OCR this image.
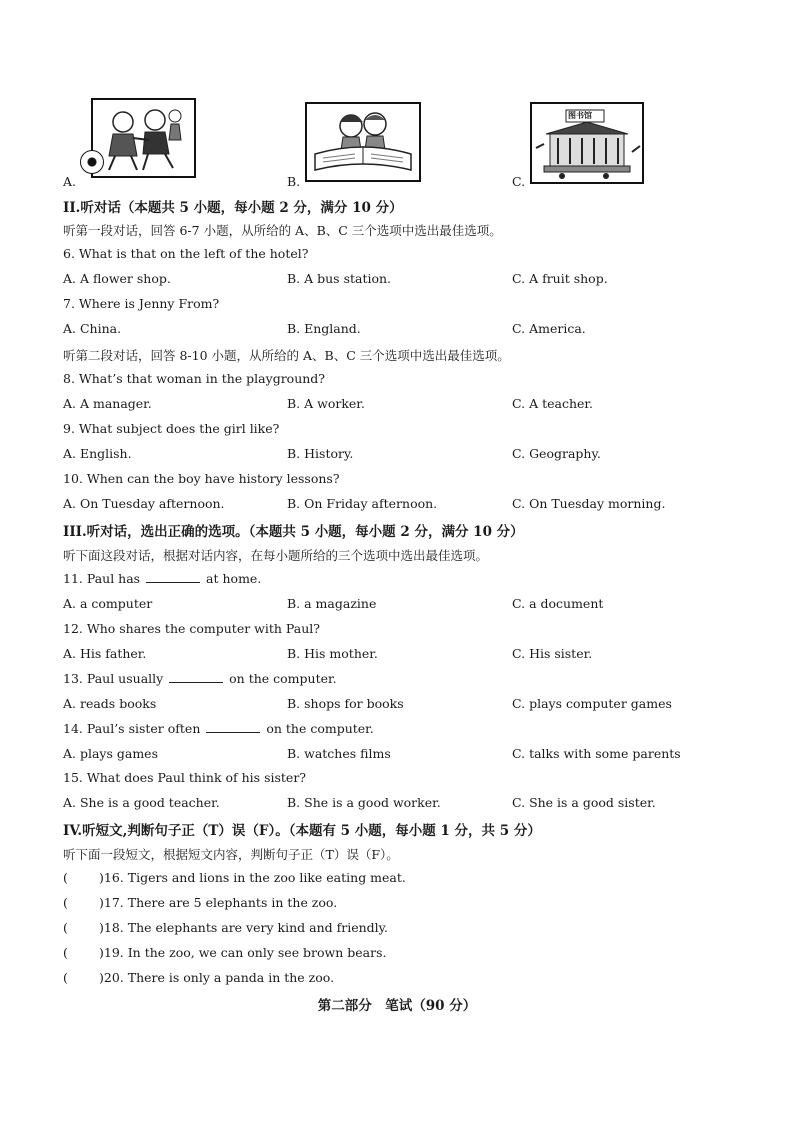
A.	B.	C.
图书馆
II.听对话（本题共 5 小题，每小题 2 分，满分 10 分）
听第一段对话，回答 6-7 小题，从所给的 A、B、C 三个选项中选出最佳选项。
6. What is that on the left of the hotel?
A. A flower shop.	B. A bus station.	C. A fruit shop.
7. Where is Jenny From?
A. China.	B. England.	C. America.
听第二段对话，回答 8-10 小题，从所给的 A、B、C 三个选项中选出最佳选项。
8. What’s that woman in the playground?
A. A manager.	B. A worker.	C. A teacher.
9. What subject does the girl like?
A. English.	B. History.	C. Geography.
10. When can the boy have history lessons?
A. On Tuesday afternoon.	B. On Friday afternoon.	C. On Tuesday morning.
III.听对话，选出正确的选项。（本题共 5 小题，每小题 2 分，满分 10 分）
听下面这段对话，根据对话内容，在每小题所给的三个选项中选出最佳选项。
11. Paul has	at home.
A. a computer	B. a magazine	C. a document
12. Who shares the computer with Paul?
A. His father.	B. His mother.	C. His sister.
13. Paul usually	on the computer.
A. reads books	B. shops for books	C. plays computer games
14. Paul’s sister often	on the computer.
A. plays games	B. watches films	C. talks with some parents
15. What does Paul think of his sister?
A. She is a good teacher.	B. She is a good worker.	C. She is a good sister.
IV.听短文,判断句子正（T）误（F）。（本题有 5 小题，每小题 1 分，共 5 分）
听下面一段短文，根据短文内容，判断句子正（T）误（F）。
( )16. Tigers and lions in the zoo like eating meat.
( )17. There are 5 elephants in the zoo.
( )18. The elephants are very kind and friendly.
( )19. In the zoo, we can only see brown bears.
( )20. There is only a panda in the zoo.
第二部分　笔试（90 分）
